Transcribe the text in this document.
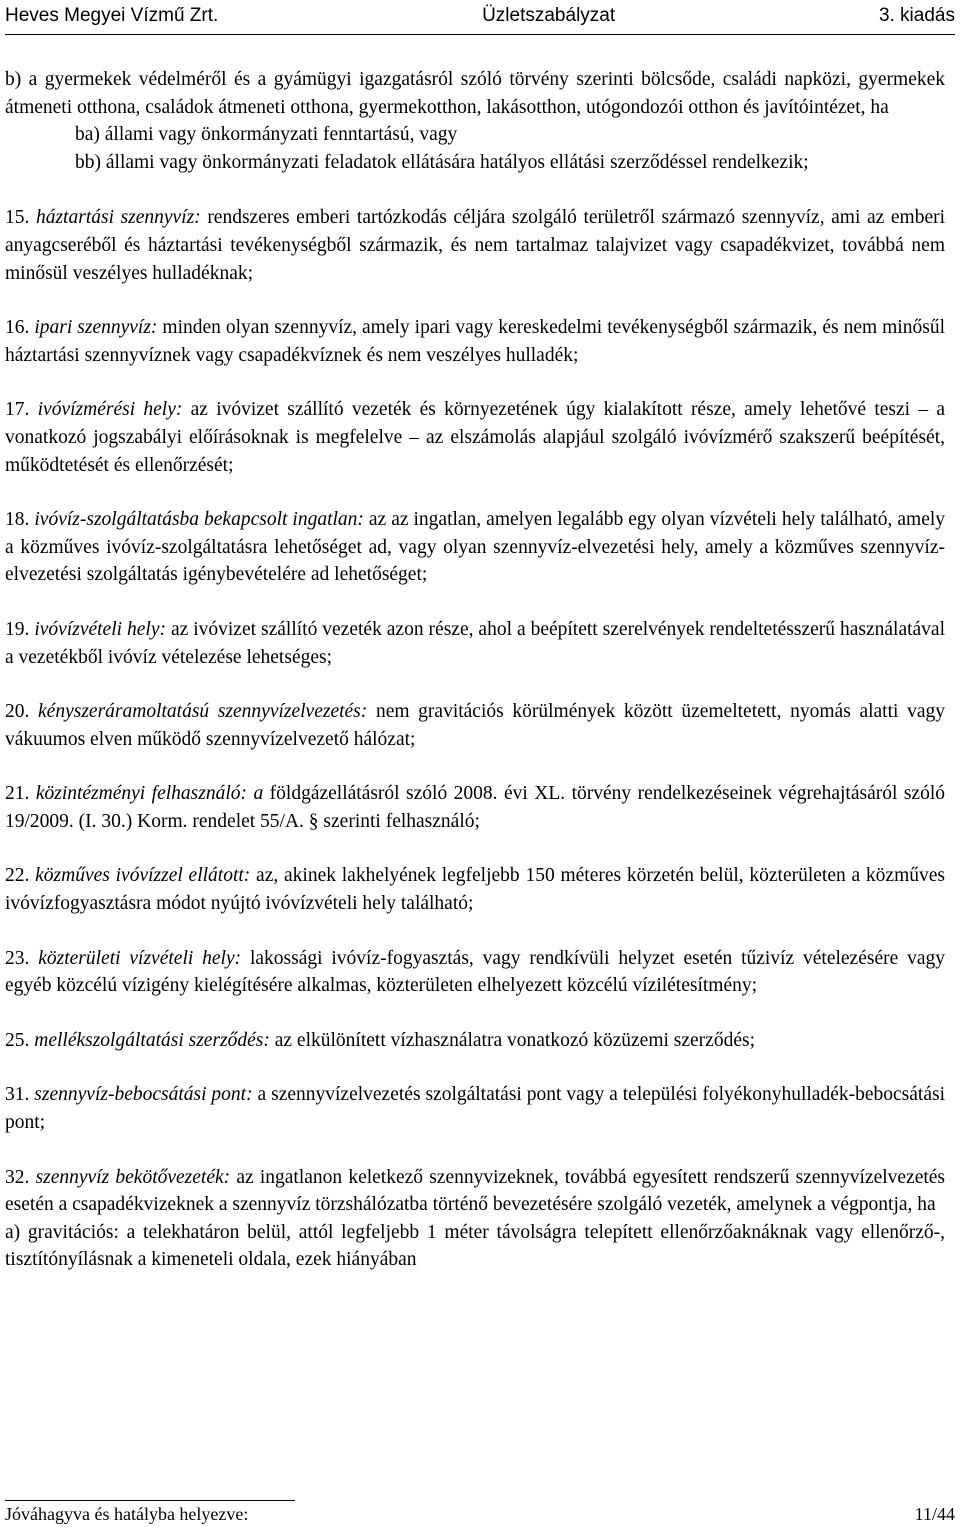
Heves Megyei Vízmű Zrt.	Üzletszabályzat	3. kiadás

b) a gyermekek védelméről és a gyámügyi igazgatásról szóló törvény szerinti bölcsőde, családi napközi, gyermekek átmeneti otthona, családok átmeneti otthona, gyermekotthon, lakásotthon, utógondozói otthon és javítóintézet, ha

ba) állami vagy önkormányzati fenntartású, vagy

bb) állami vagy önkormányzati feladatok ellátására hatályos ellátási szerződéssel rendelkezik;

15. háztartási szennyvíz: rendszeres emberi tartózkodás céljára szolgáló területről származó szennyvíz, ami az emberi anyagcseréből és háztartási tevékenységből származik, és nem tartalmaz talajvizet vagy csapadékvizet, továbbá nem minősül veszélyes hulladéknak;

16. ipari szennyvíz: minden olyan szennyvíz, amely ipari vagy kereskedelmi tevékenységből származik, és nem minősűl háztartási szennyvíznek vagy csapadékvíznek és nem veszélyes hulladék;

17. ivóvízmérési hely: az ivóvizet szállító vezeték és környezetének úgy kialakított része, amely lehetővé teszi – a vonatkozó jogszabályi előírásoknak is megfelelve – az elszámolás alapjául szolgáló ivóvízmérő szakszerű beépítését, működtetését és ellenőrzését;

18. ivóvíz-szolgáltatásba bekapcsolt ingatlan: az az ingatlan, amelyen legalább egy olyan vízvételi hely található, amely a közműves ivóvíz-szolgáltatásra lehetőséget ad, vagy olyan szennyvíz-elvezetési hely, amely a közműves szennyvíz-elvezetési szolgáltatás igénybevételére ad lehetőséget;

19. ivóvízvételi hely: az ivóvizet szállító vezeték azon része, ahol a beépített szerelvények rendeltetésszerű használatával a vezetékből ivóvíz vételezése lehetséges;

20. kényszeráramoltatású szennyvízelvezetés: nem gravitációs körülmények között üzemeltetett, nyomás alatti vagy vákuumos elven működő szennyvízelvezető hálózat;

21. közintézményi felhasználó: a földgázellátásról szóló 2008. évi XL. törvény rendelkezéseinek végrehajtásáról szóló 19/2009. (I. 30.) Korm. rendelet 55/A. § szerinti felhasználó;

22. közműves ivóvízzel ellátott: az, akinek lakhelyének legfeljebb 150 méteres körzetén belül, közterületen a közműves ivóvízfogyasztásra módot nyújtó ivóvízvételi hely található;

23. közterületi vízvételi hely: lakossági ivóvíz-fogyasztás, vagy rendkívüli helyzet esetén tűzivíz vételezésére vagy egyéb közcélú vízigény kielégítésére alkalmas, közterületen elhelyezett közcélú vízilétesítmény;

25. mellékszolgáltatási szerződés: az elkülönített vízhasználatra vonatkozó közüzemi szerződés;

31. szennyvíz-bebocsátási pont: a szennyvízelvezetés szolgáltatási pont vagy a települési folyékonyhulladék-bebocsátási pont;

32. szennyvíz bekötővezeték: az ingatlanon keletkező szennyvizeknek, továbbá egyesített rendszerű szennyvízelvezetés esetén a csapadékvizeknek a szennyvíz törzshálózatba történő bevezetésére szolgáló vezeték, amelynek a végpontja, ha

a) gravitációs: a telekhatáron belül, attól legfeljebb 1 méter távolságra telepített ellenőrzőaknáknak vagy ellenőrző-, tisztítónyílásnak a kimeneteli oldala, ezek hiányában

Jóváhagyva és hatályba helyezve:	11/44
